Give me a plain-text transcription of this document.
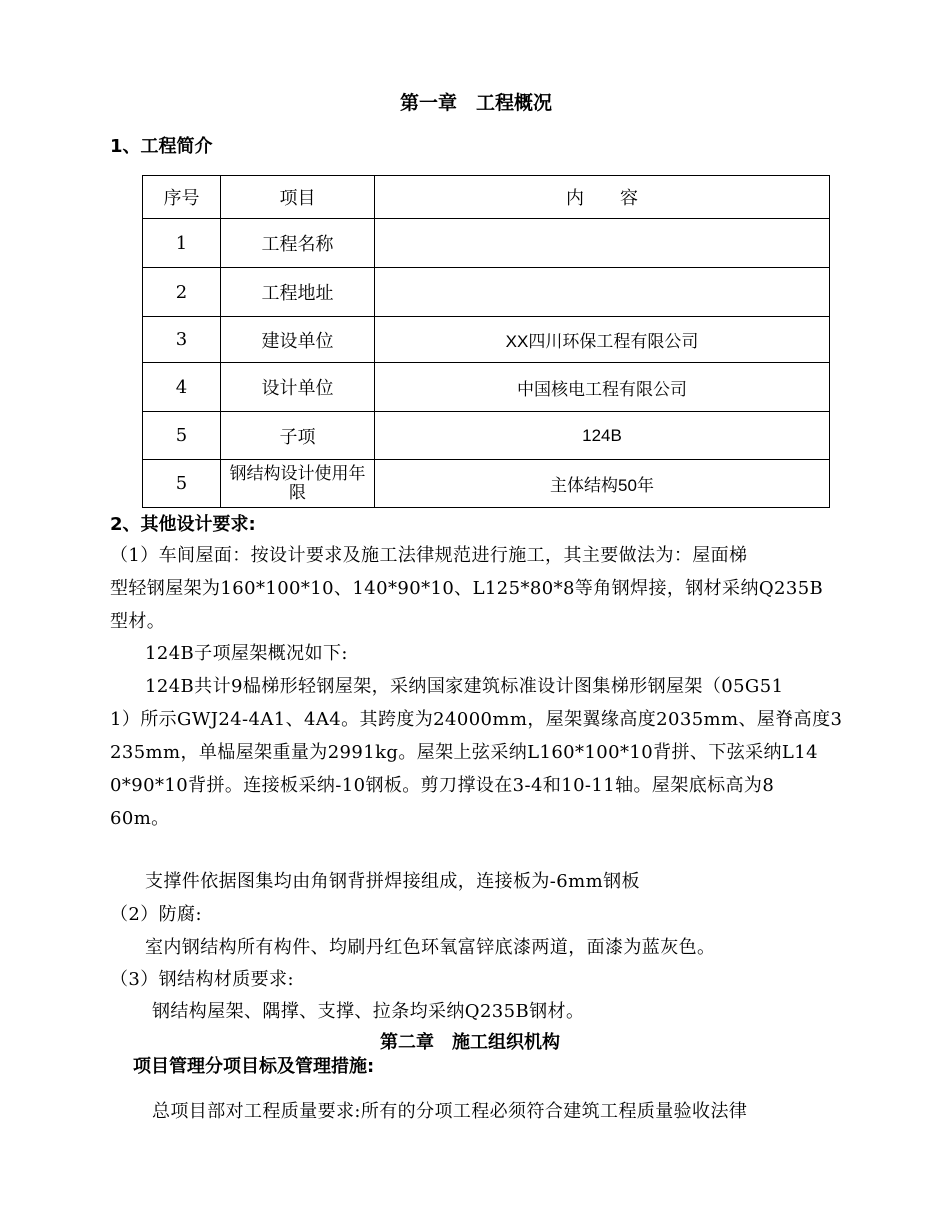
第一章　工程概况
1、工程简介
序号	项目	内　　容
1	工程名称	
2	工程地址	
3	建设单位	XX四川环保工程有限公司
4	设计单位	中国核电工程有限公司
5	子项	124B
5	钢结构设计使用年限	主体结构50年
2、其他设计要求:
（1）车间屋面：按设计要求及施工法律规范进行施工，其主要做法为：屋面梯
型轻钢屋架为160*100*10、140*90*10、L125*80*8等角钢焊接，钢材采纳Q235B
型材。
124B子项屋架概况如下:
124B共计9榀梯形轻钢屋架，采纳国家建筑标准设计图集梯形钢屋架（05G51
1）所示GWJ24-4A1、4A4。其跨度为24000mm，屋架翼缘高度2035mm、屋脊高度3
235mm，单榀屋架重量为2991kg。屋架上弦采纳L160*100*10背拼、下弦采纳L14
0*90*10背拼。连接板采纳-10钢板。剪刀撑设在3-4和10-11轴。屋架底标高为8
60m。
支撑件依据图集均由角钢背拼焊接组成，连接板为-6mm钢板
（2）防腐:
室内钢结构所有构件、均刷丹红色环氧富锌底漆两道，面漆为蓝灰色。
（3）钢结构材质要求:
钢结构屋架、隅撑、支撑、拉条均采纳Q235B钢材。
第二章　施工组织机构
项目管理分项目标及管理措施:
总项目部对工程质量要求:所有的分项工程必须符合建筑工程质量验收法律
